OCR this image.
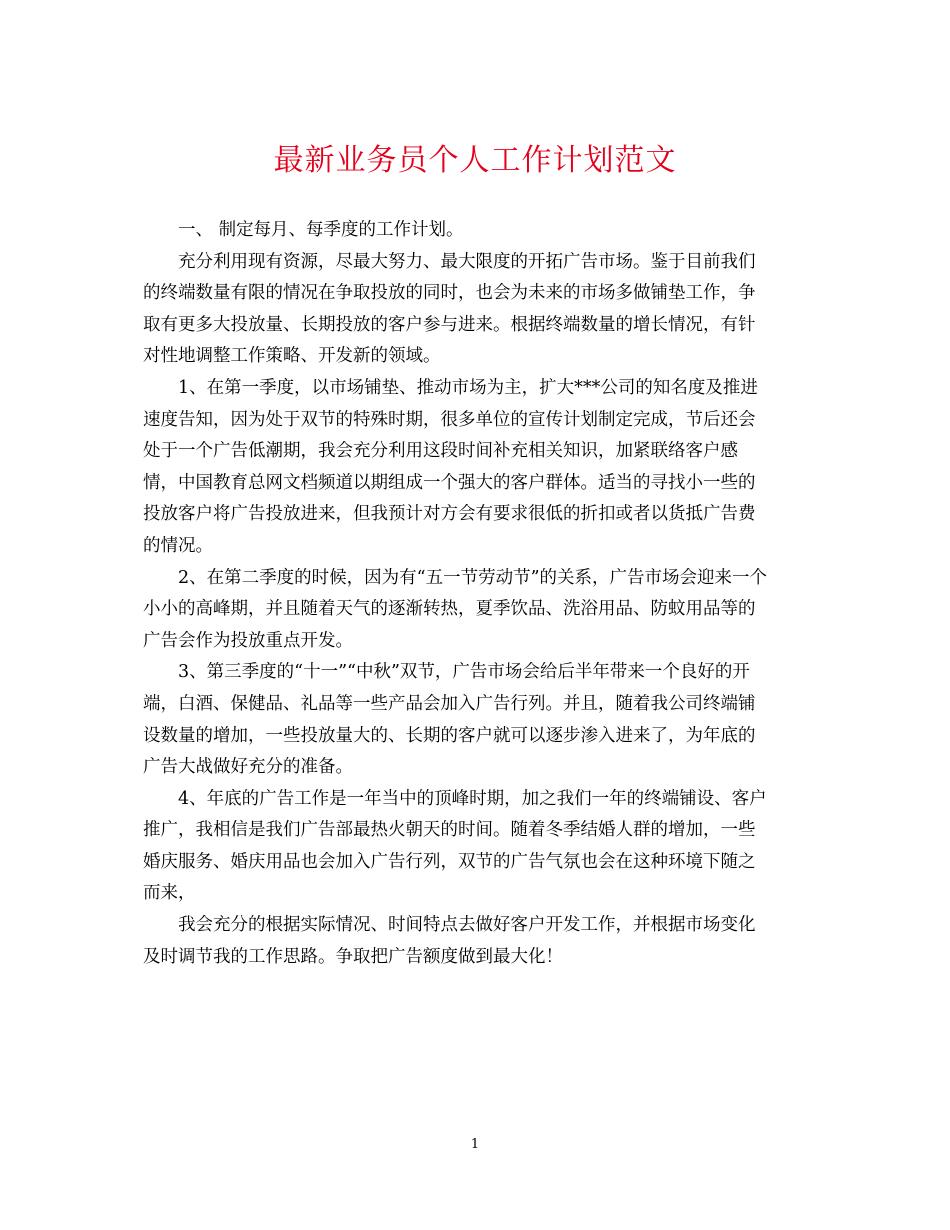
最新业务员个人工作计划范文

一、 制定每月、每季度的工作计划。

充分利用现有资源，尽最大努力、最大限度的开拓广告市场。鉴于目前我们
的终端数量有限的情况在争取投放的同时，也会为未来的市场多做铺垫工作，争
取有更多大投放量、长期投放的客户参与进来。根据终端数量的增长情况，有针
对性地调整工作策略、开发新的领域。

1、在第一季度，以市场铺垫、推动市场为主，扩大***公司的知名度及推进
速度告知，因为处于双节的特殊时期，很多单位的宣传计划制定完成，节后还会
处于一个广告低潮期，我会充分利用这段时间补充相关知识，加紧联络客户感
情，中国教育总网文档频道以期组成一个强大的客户群体。适当的寻找小一些的
投放客户将广告投放进来，但我预计对方会有要求很低的折扣或者以货抵广告费
的情况。

2、在第二季度的时候，因为有“五一节劳动节”的关系，广告市场会迎来一个
小小的高峰期，并且随着天气的逐渐转热，夏季饮品、洗浴用品、防蚊用品等的
广告会作为投放重点开发。

3、第三季度的“十一”“中秋”双节，广告市场会给后半年带来一个良好的开
端，白酒、保健品、礼品等一些产品会加入广告行列。并且，随着我公司终端铺
设数量的增加，一些投放量大的、长期的客户就可以逐步渗入进来了，为年底的
广告大战做好充分的准备。

4、年底的广告工作是一年当中的顶峰时期，加之我们一年的终端铺设、客户
推广，我相信是我们广告部最热火朝天的时间。随着冬季结婚人群的增加，一些
婚庆服务、婚庆用品也会加入广告行列，双节的广告气氛也会在这种环境下随之
而来，

我会充分的根据实际情况、时间特点去做好客户开发工作，并根据市场变化
及时调节我的工作思路。争取把广告额度做到最大化！

1
